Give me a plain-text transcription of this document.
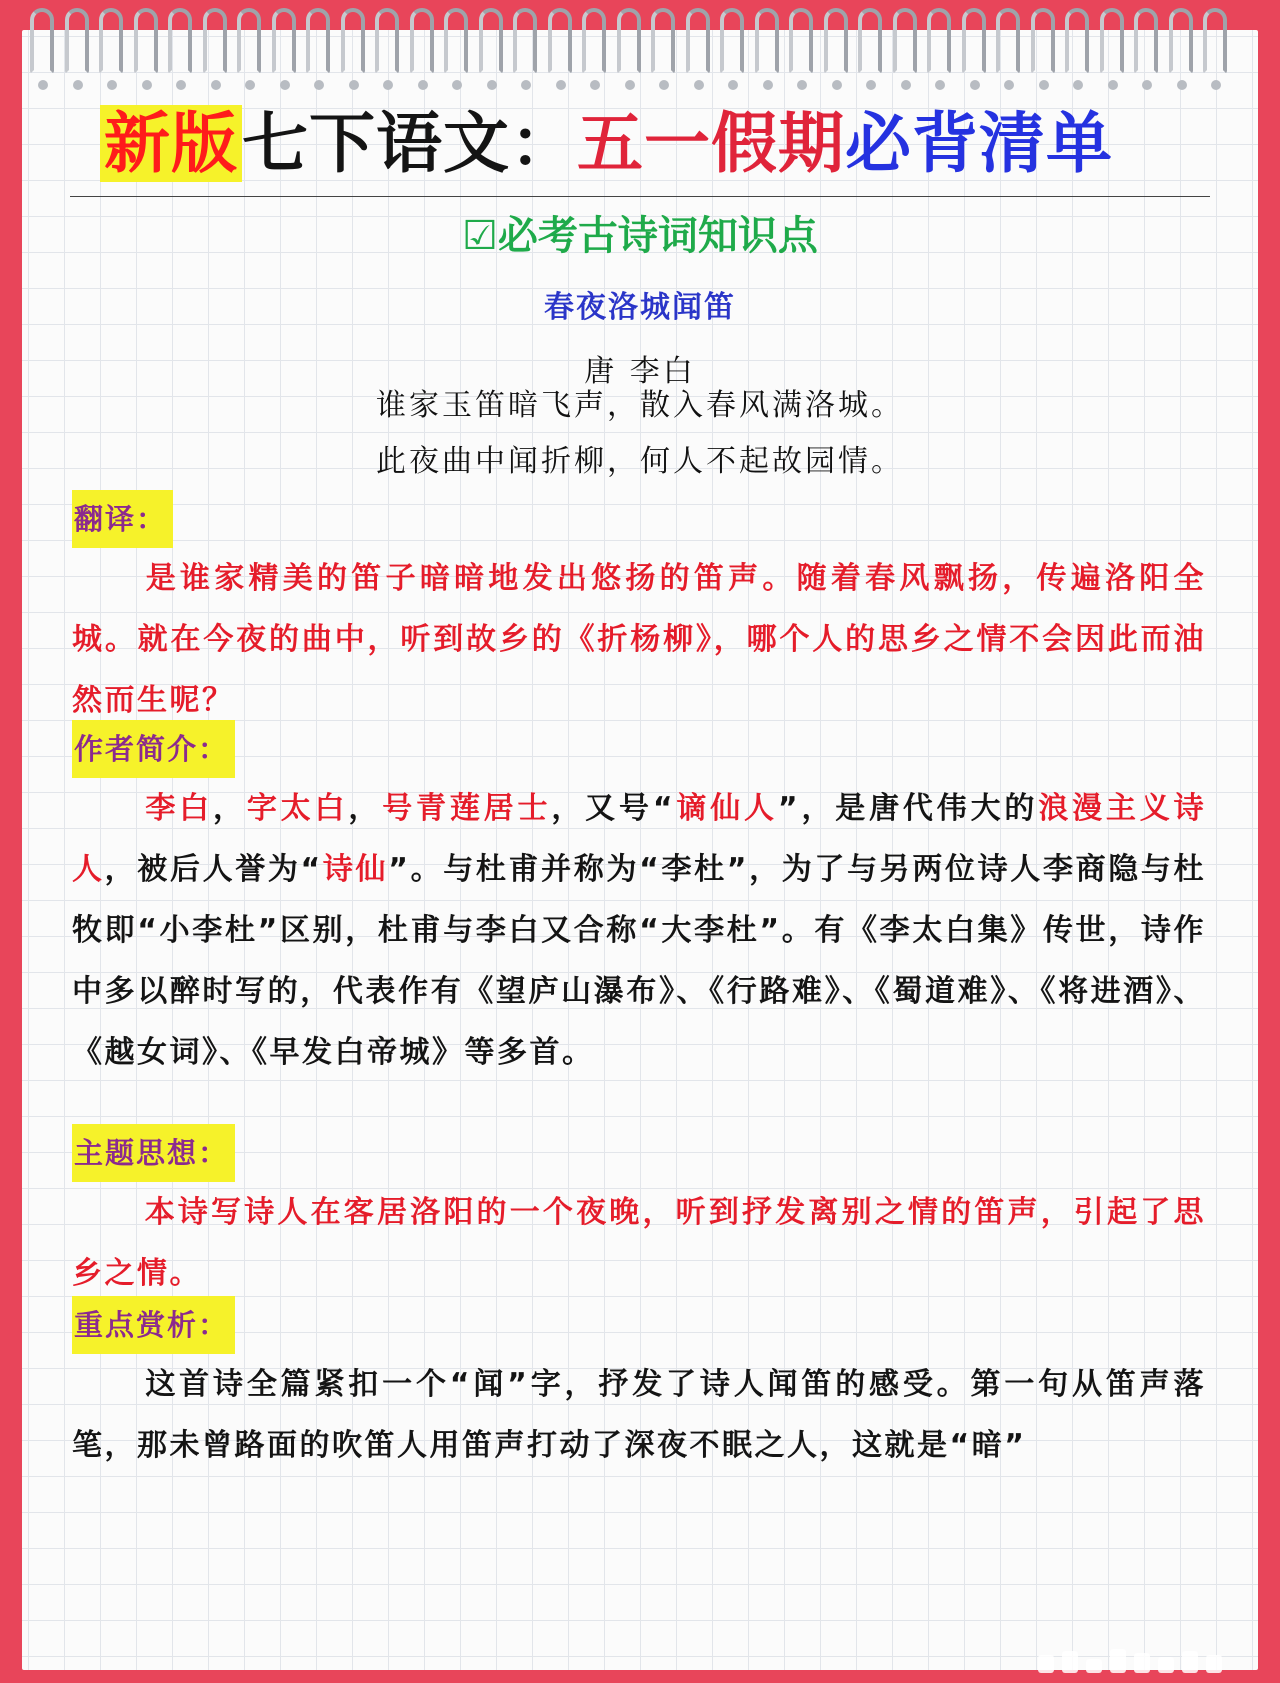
新版七下语文：五一假期必背清单
☑必考古诗词知识点
春夜洛城闻笛
唐 李白
谁家玉笛暗飞声，散入春风满洛城。
此夜曲中闻折柳，何人不起故园情。
翻译：

是谁家精美的笛子暗暗地发出悠扬的笛声。随着春风飘扬，传遍洛阳全城。就在今夜的曲中，听到故乡的《折杨柳》，哪个人的思乡之情不会因此而油然而生呢？

作者简介：

李白，字太白，号青莲居士，又号“谪仙人”，是唐代伟大的浪漫主义诗人，被后人誉为“诗仙”。与杜甫并称为“李杜”，为了与另两位诗人李商隐与杜牧即“小李杜”区别，杜甫与李白又合称“大李杜”。有《李太白集》传世，诗作中多以醉时写的，代表作有《望庐山瀑布》、《行路难》、《蜀道难》、《将进酒》、《越女词》、《早发白帝城》等多首。

主题思想：

本诗写诗人在客居洛阳的一个夜晚，听到抒发离别之情的笛声，引起了思乡之情。

重点赏析：

这首诗全篇紧扣一个“闻”字，抒发了诗人闻笛的感受。第一句从笛声落笔，那未曾路面的吹笛人用笛声打动了深夜不眠之人，这就是“暗”
